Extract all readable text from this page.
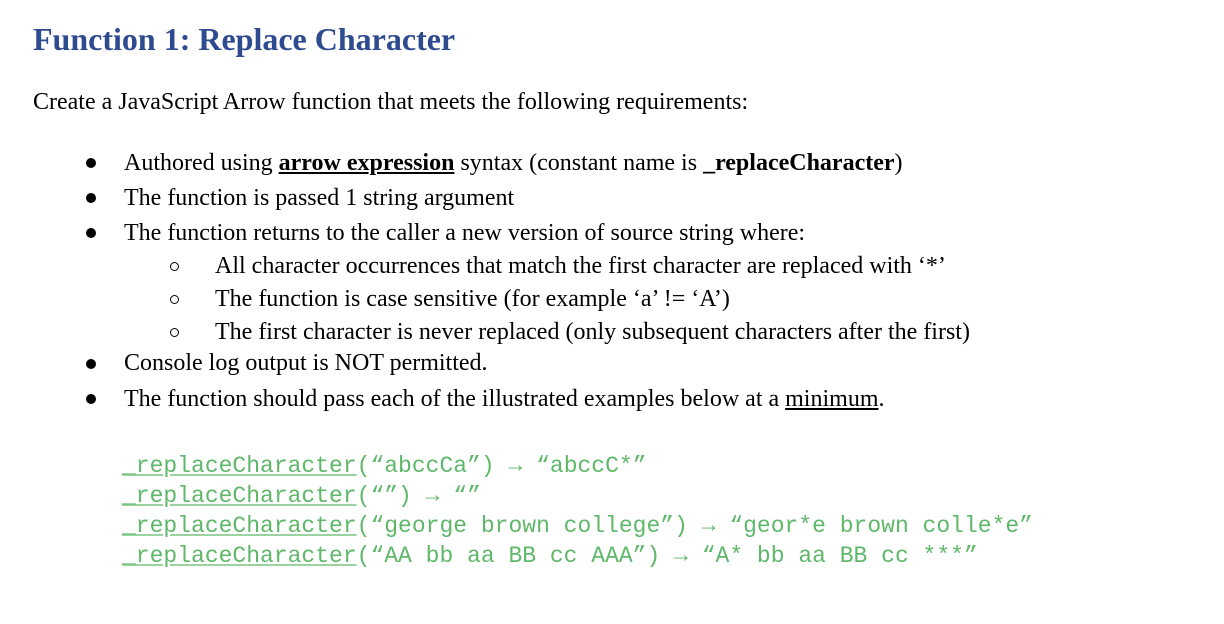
Function 1: Replace Character

Create a JavaScript Arrow function that meets the following requirements:

Authored using arrow expression syntax (constant name is _replaceCharacter)
The function is passed 1 string argument
The function returns to the caller a new version of source string where:
All character occurrences that match the first character are replaced with ‘*’
The function is case sensitive (for example ‘a’ != ‘A’)
The first character is never replaced (only subsequent characters after the first)
Console log output is NOT permitted.
The function should pass each of the illustrated examples below at a minimum.
_replaceCharacter(“abccCa”) → “abccC*”
_replaceCharacter(“”) → “”
_replaceCharacter(“george brown college”) → “geor*e brown colle*e”
_replaceCharacter(“AA bb aa BB cc AAA”) → “A* bb aa BB cc ***”
